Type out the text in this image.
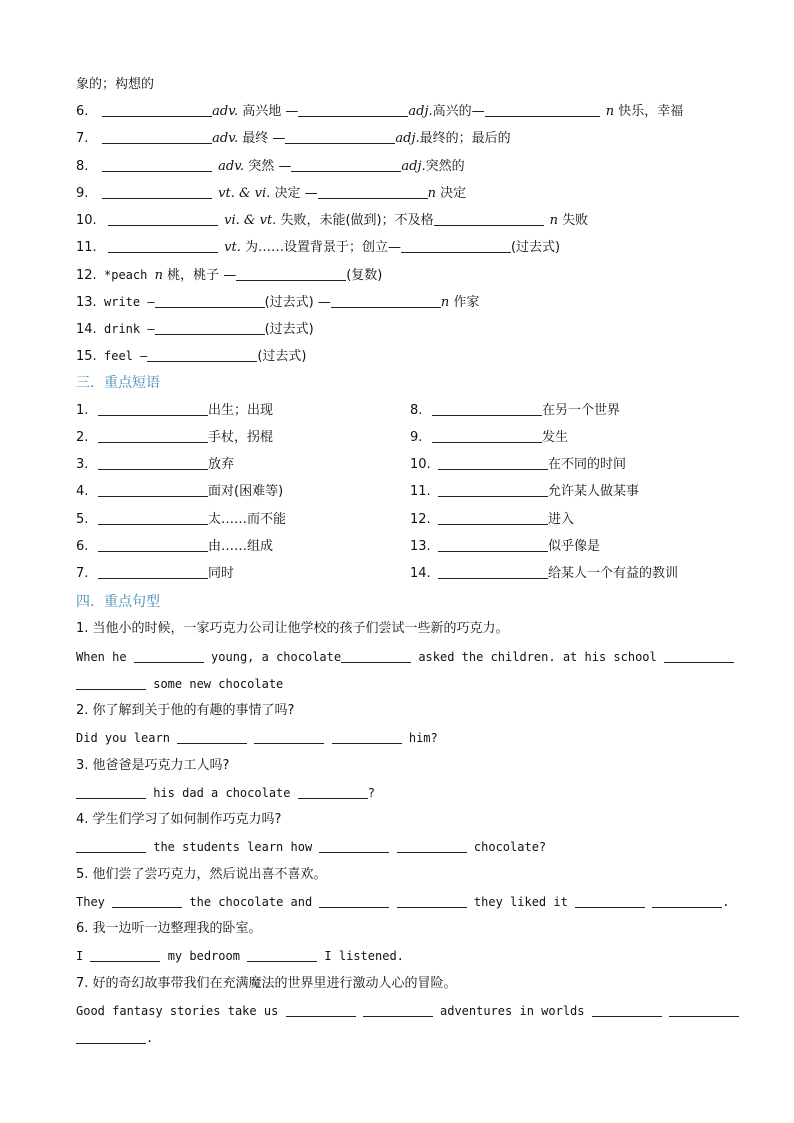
象的；构想的
6.	adv. 高兴地 —	adj.高兴的—	n 快乐，幸福
7.	adv. 最终 —	adj.最终的；最后的
8.	adv. 突然 —	adj.突然的
9.	vt. & vi. 决定 —	n 决定
10.	vi. & vt. 失败，未能(做到)；不及格	n 失败
11.	vt. 为……设置背景于；创立—	(过去式)
12. *peach n 桃，桃子 —	(复数)
13. write —	(过去式) —	n 作家
14. drink —	(过去式)
15. feel —	(过去式)
三．重点短语
1.	出生；出现
2.	手杖，拐棍
3.	放弃
4.	面对(困难等)
5.	太……而不能
6.	由……组成
7.	同时
8.	在另一个世界
9.	发生
10.	在不同的时间
11.	允许某人做某事
12.	进入
13.	似乎像是
14.	给某人一个有益的教训
四．重点句型
1. 当他小的时候，一家巧克力公司让他学校的孩子们尝试一些新的巧克力。
When he	young, a chocolate	asked the children. at his school
some new chocolate
2. 你了解到关于他的有趣的事情了吗?
Did you learn	him?
3. 他爸爸是巧克力工人吗?
his dad a chocolate	?
4. 学生们学习了如何制作巧克力吗?
the students learn how	chocolate?
5. 他们尝了尝巧克力，然后说出喜不喜欢。
They	the chocolate and	they liked it	.
6. 我一边听一边整理我的卧室。
I	my bedroom	I listened.
7. 好的奇幻故事带我们在充满魔法的世界里进行激动人心的冒险。
Good fantasy stories take us	adventures in worlds
.
